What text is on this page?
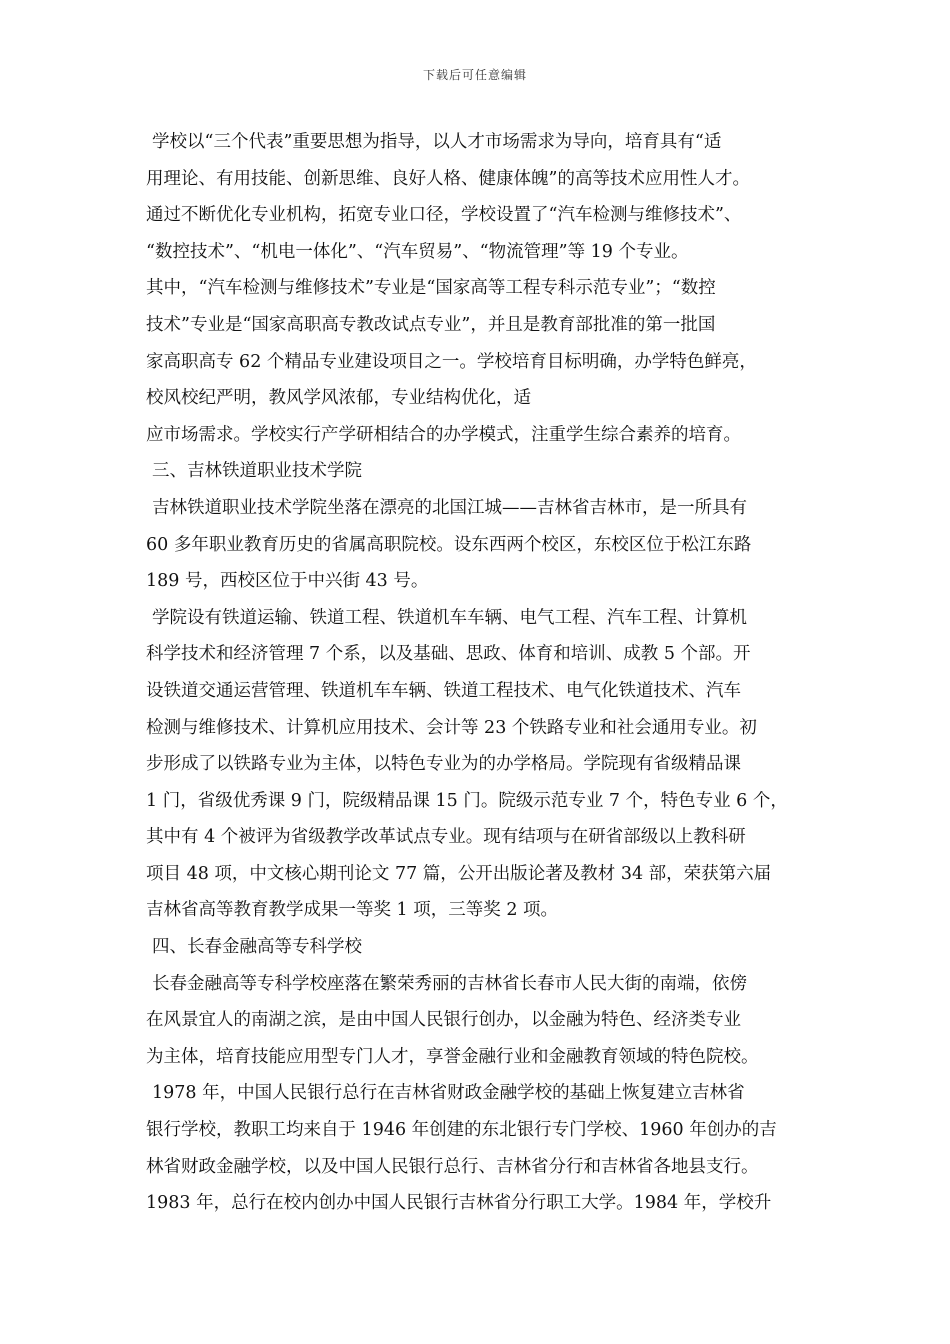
下载后可任意编辑
学校以“三个代表”重要思想为指导，以人才市场需求为导向，培育具有“适
用理论、有用技能、创新思维、良好人格、健康体魄”的高等技术应用性人才。
通过不断优化专业机构，拓宽专业口径，学校设置了“汽车检测与维修技术”、
“数控技术”、“机电一体化”、“汽车贸易”、“物流管理”等 19 个专业。
其中，“汽车检测与维修技术”专业是“国家高等工程专科示范专业”；“数控
技术”专业是“国家高职高专教改试点专业”，并且是教育部批准的第一批国
家高职高专 62 个精品专业建设项目之一。学校培育目标明确，办学特色鲜亮，
校风校纪严明，教风学风浓郁，专业结构优化，适
应市场需求。学校实行产学研相结合的办学模式，注重学生综合素养的培育。
三、吉林铁道职业技术学院
吉林铁道职业技术学院坐落在漂亮的北国江城——吉林省吉林市，是一所具有
60 多年职业教育历史的省属高职院校。设东西两个校区，东校区位于松江东路
189 号，西校区位于中兴街 43 号。
学院设有铁道运输、铁道工程、铁道机车车辆、电气工程、汽车工程、计算机
科学技术和经济管理 7 个系，以及基础、思政、体育和培训、成教 5 个部。开
设铁道交通运营管理、铁道机车车辆、铁道工程技术、电气化铁道技术、汽车
检测与维修技术、计算机应用技术、会计等 23 个铁路专业和社会通用专业。初
步形成了以铁路专业为主体，以特色专业为的办学格局。学院现有省级精品课
1 门，省级优秀课 9 门，院级精品课 15 门。院级示范专业 7 个，特色专业 6 个，
其中有 4 个被评为省级教学改革试点专业。现有结项与在研省部级以上教科研
项目 48 项，中文核心期刊论文 77 篇，公开出版论著及教材 34 部，荣获第六届
吉林省高等教育教学成果一等奖 1 项，三等奖 2 项。
四、长春金融高等专科学校
长春金融高等专科学校座落在繁荣秀丽的吉林省长春市人民大街的南端，依傍
在风景宜人的南湖之滨，是由中国人民银行创办，以金融为特色、经济类专业
为主体，培育技能应用型专门人才，享誉金融行业和金融教育领域的特色院校。
1978 年，中国人民银行总行在吉林省财政金融学校的基础上恢复建立吉林省
银行学校，教职工均来自于 1946 年创建的东北银行专门学校、1960 年创办的吉
林省财政金融学校，以及中国人民银行总行、吉林省分行和吉林省各地县支行。
1983 年，总行在校内创办中国人民银行吉林省分行职工大学。1984 年，学校升
